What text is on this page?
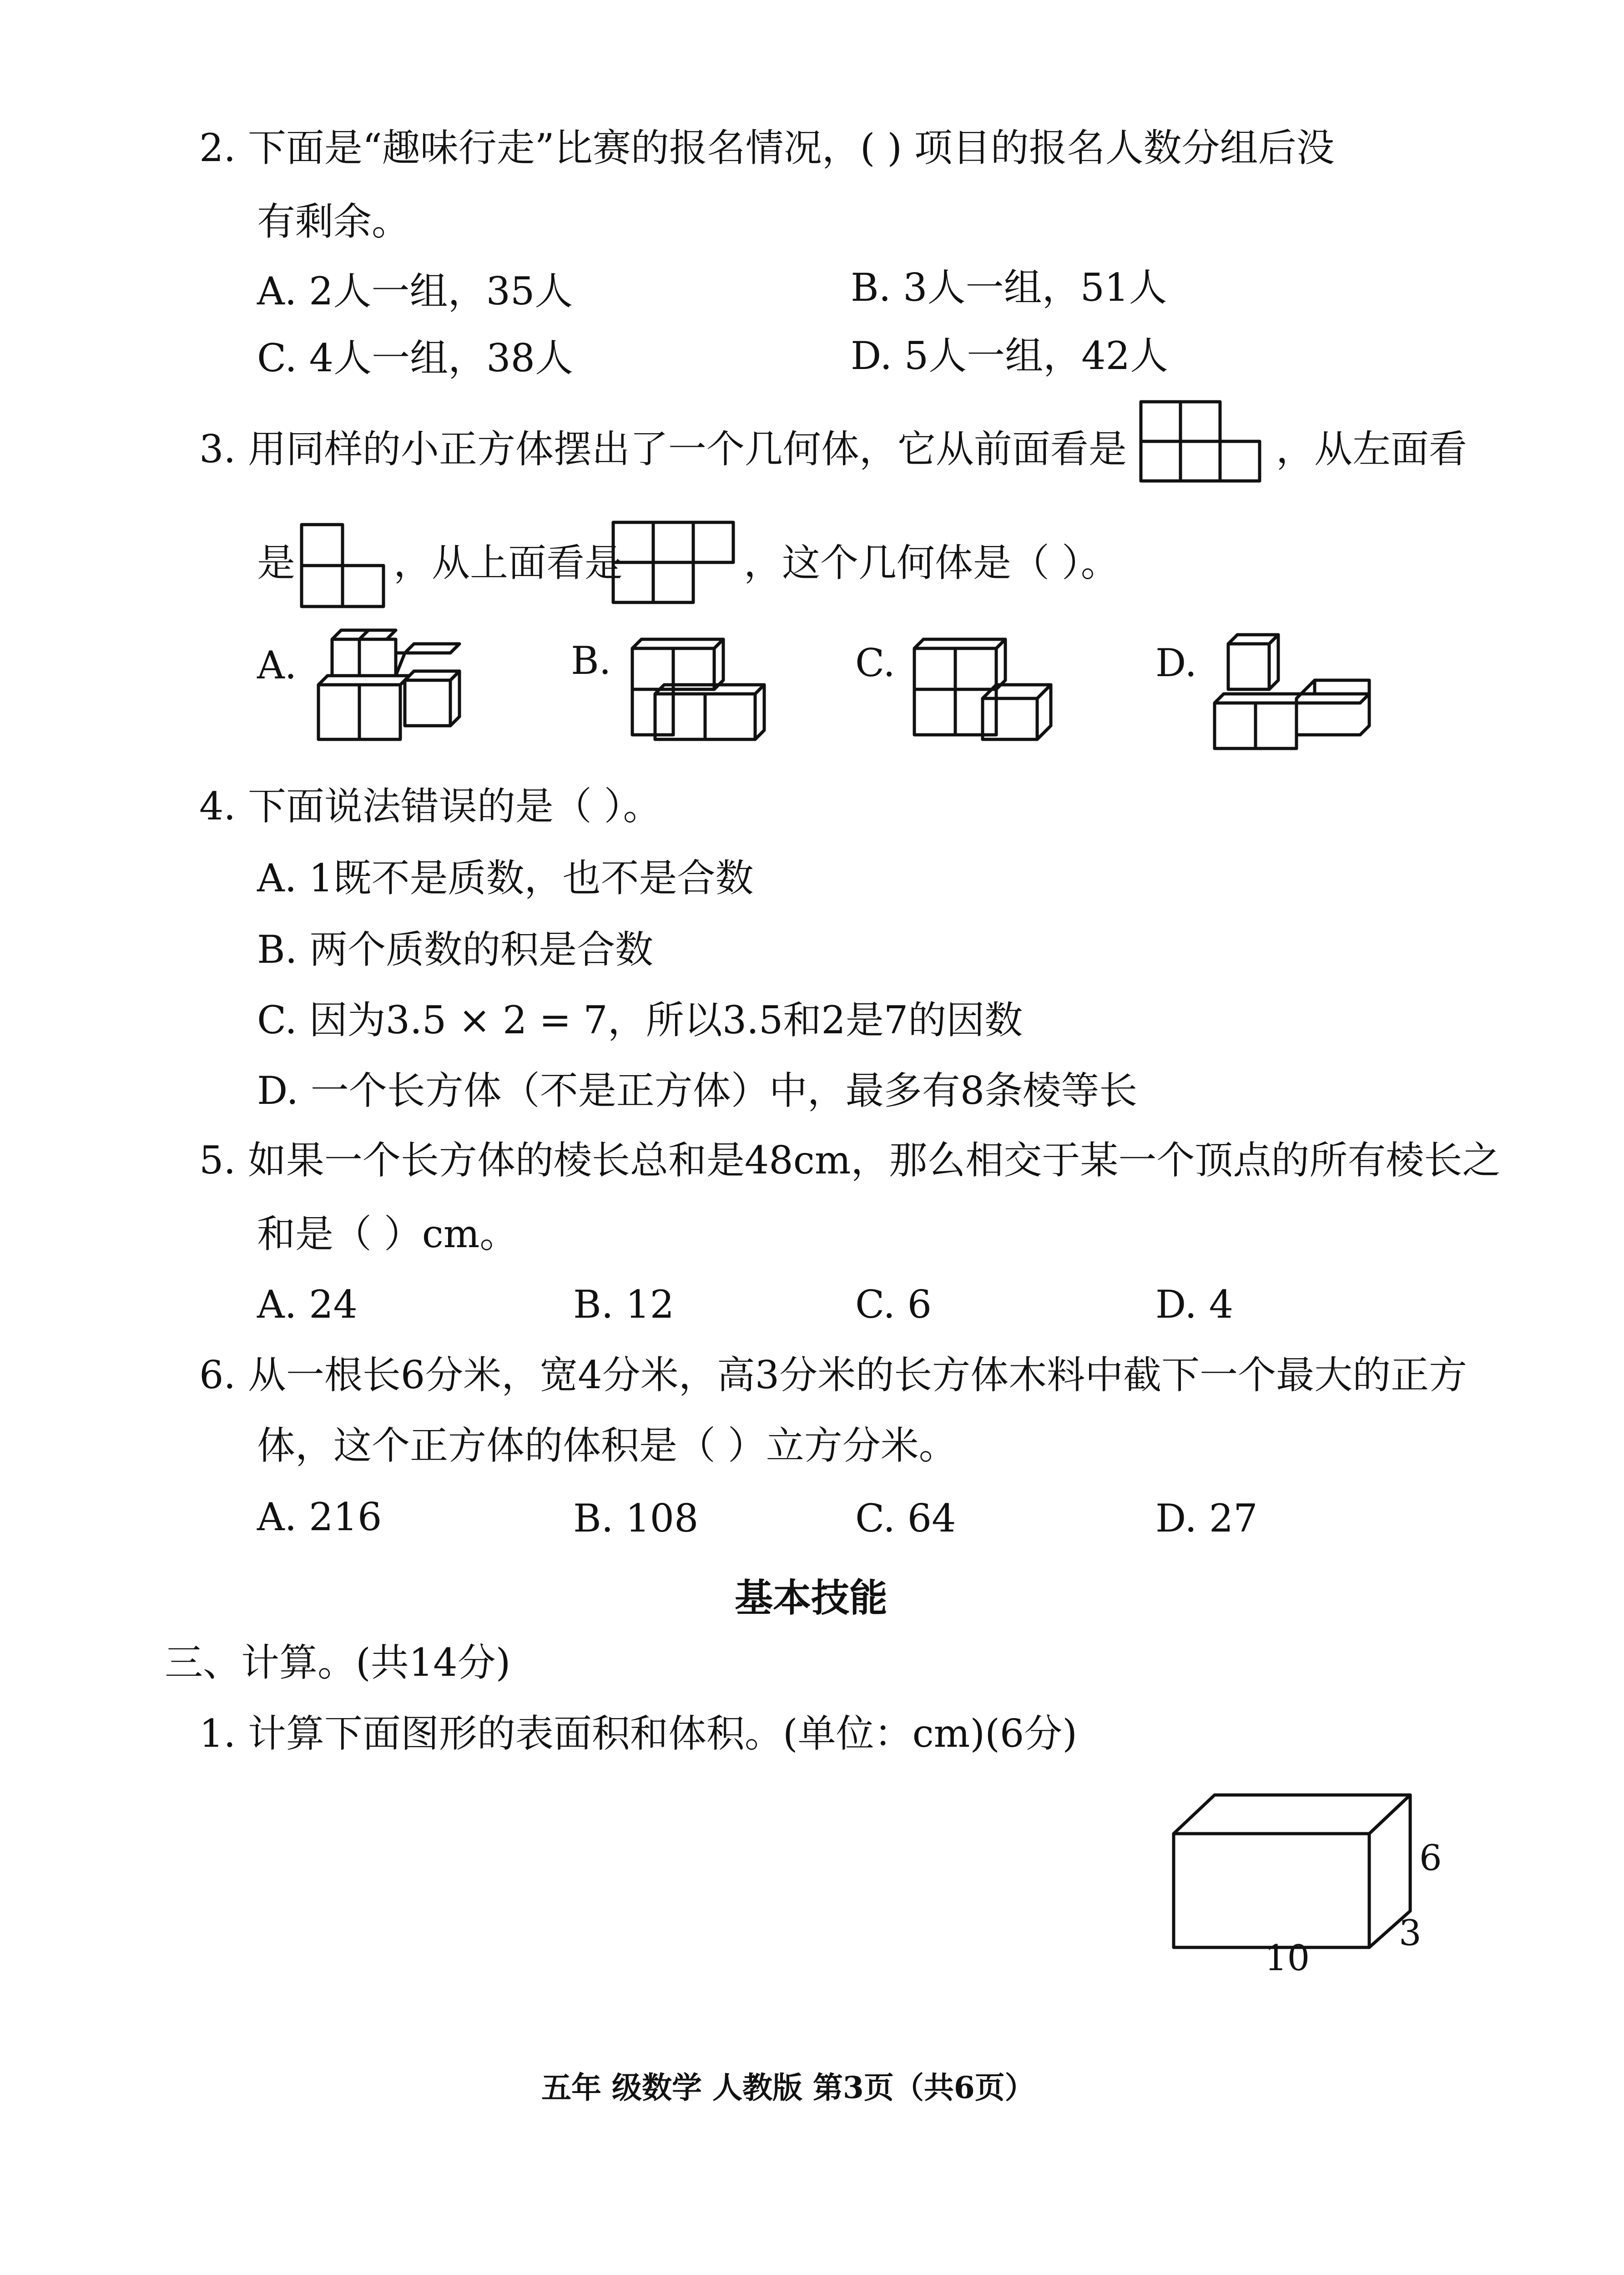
2. 下面是“趣味行走”比赛的报名情况，( ) 项目的报名人数分组后没
有剩余。
A. 2人一组，35人	B. 3人一组，51人
C. 4人一组，38人	D. 5人一组，42人
3. 用同样的小正方体摆出了一个几何体，它从前面看是	，从左面看
是	，从上面看是	，这个几何体是（ ）。
A.	B.	C.	D.
4. 下面说法错误的是（ ）。
A. 1既不是质数，也不是合数
B. 两个质数的积是合数
C. 因为3.5 × 2 = 7，所以3.5和2是7的因数
D. 一个长方体（不是正方体）中，最多有8条棱等长
5. 如果一个长方体的棱长总和是48cm，那么相交于某一个顶点的所有棱长之
和是（ ）cm。
A. 24	B. 12	C. 6	D. 4
6. 从一根长6分米，宽4分米，高3分米的长方体木料中截下一个最大的正方
体，这个正方体的体积是（ ）立方分米。
A. 216	B. 108	C. 64	D. 27
基本技能
三、计算。(共14分)
1. 计算下面图形的表面积和体积。(单位：cm)(6分)
6
3
10
五年 级数学 人教版 第3页（共6页）
